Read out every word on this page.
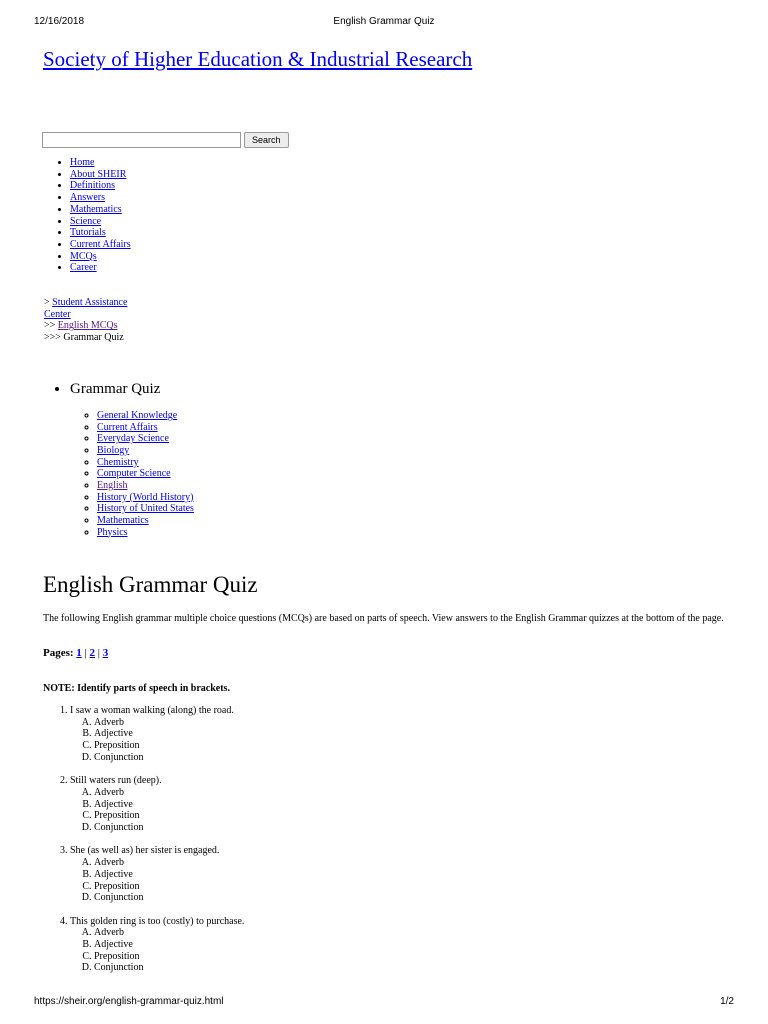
12/16/2018	English Grammar Quiz
Society of Higher Education & Industrial Research
Search
• Home
• About SHEIR
• Definitions
• Answers
• Mathematics
• Science
• Tutorials
• Current Affairs
• MCQs
• Career
> Student Assistance
Center
>> English MCQs
>>> Grammar Quiz
• Grammar Quiz
◦ General Knowledge
◦ Current Affairs
◦ Everyday Science
◦ Biology
◦ Chemistry
◦ Computer Science
◦ English
◦ History (World History)
◦ History of United States
◦ Mathematics
◦ Physics
English Grammar Quiz

The following English grammar multiple choice questions (MCQs) are based on parts of speech. View answers to the English Grammar quizzes at the bottom of the page.

Pages: 1 | 2 | 3
NOTE: Identify parts of speech in brackets.
1. I saw a woman walking (along) the road.
A. Adverb
B. Adjective
C. Preposition
D. Conjunction
2. Still waters run (deep).
A. Adverb
B. Adjective
C. Preposition
D. Conjunction
3. She (as well as) her sister is engaged.
A. Adverb
B. Adjective
C. Preposition
D. Conjunction
4. This golden ring is too (costly) to purchase.
A. Adverb
B. Adjective
C. Preposition
D. Conjunction
https://sheir.org/english-grammar-quiz.html	1/2
